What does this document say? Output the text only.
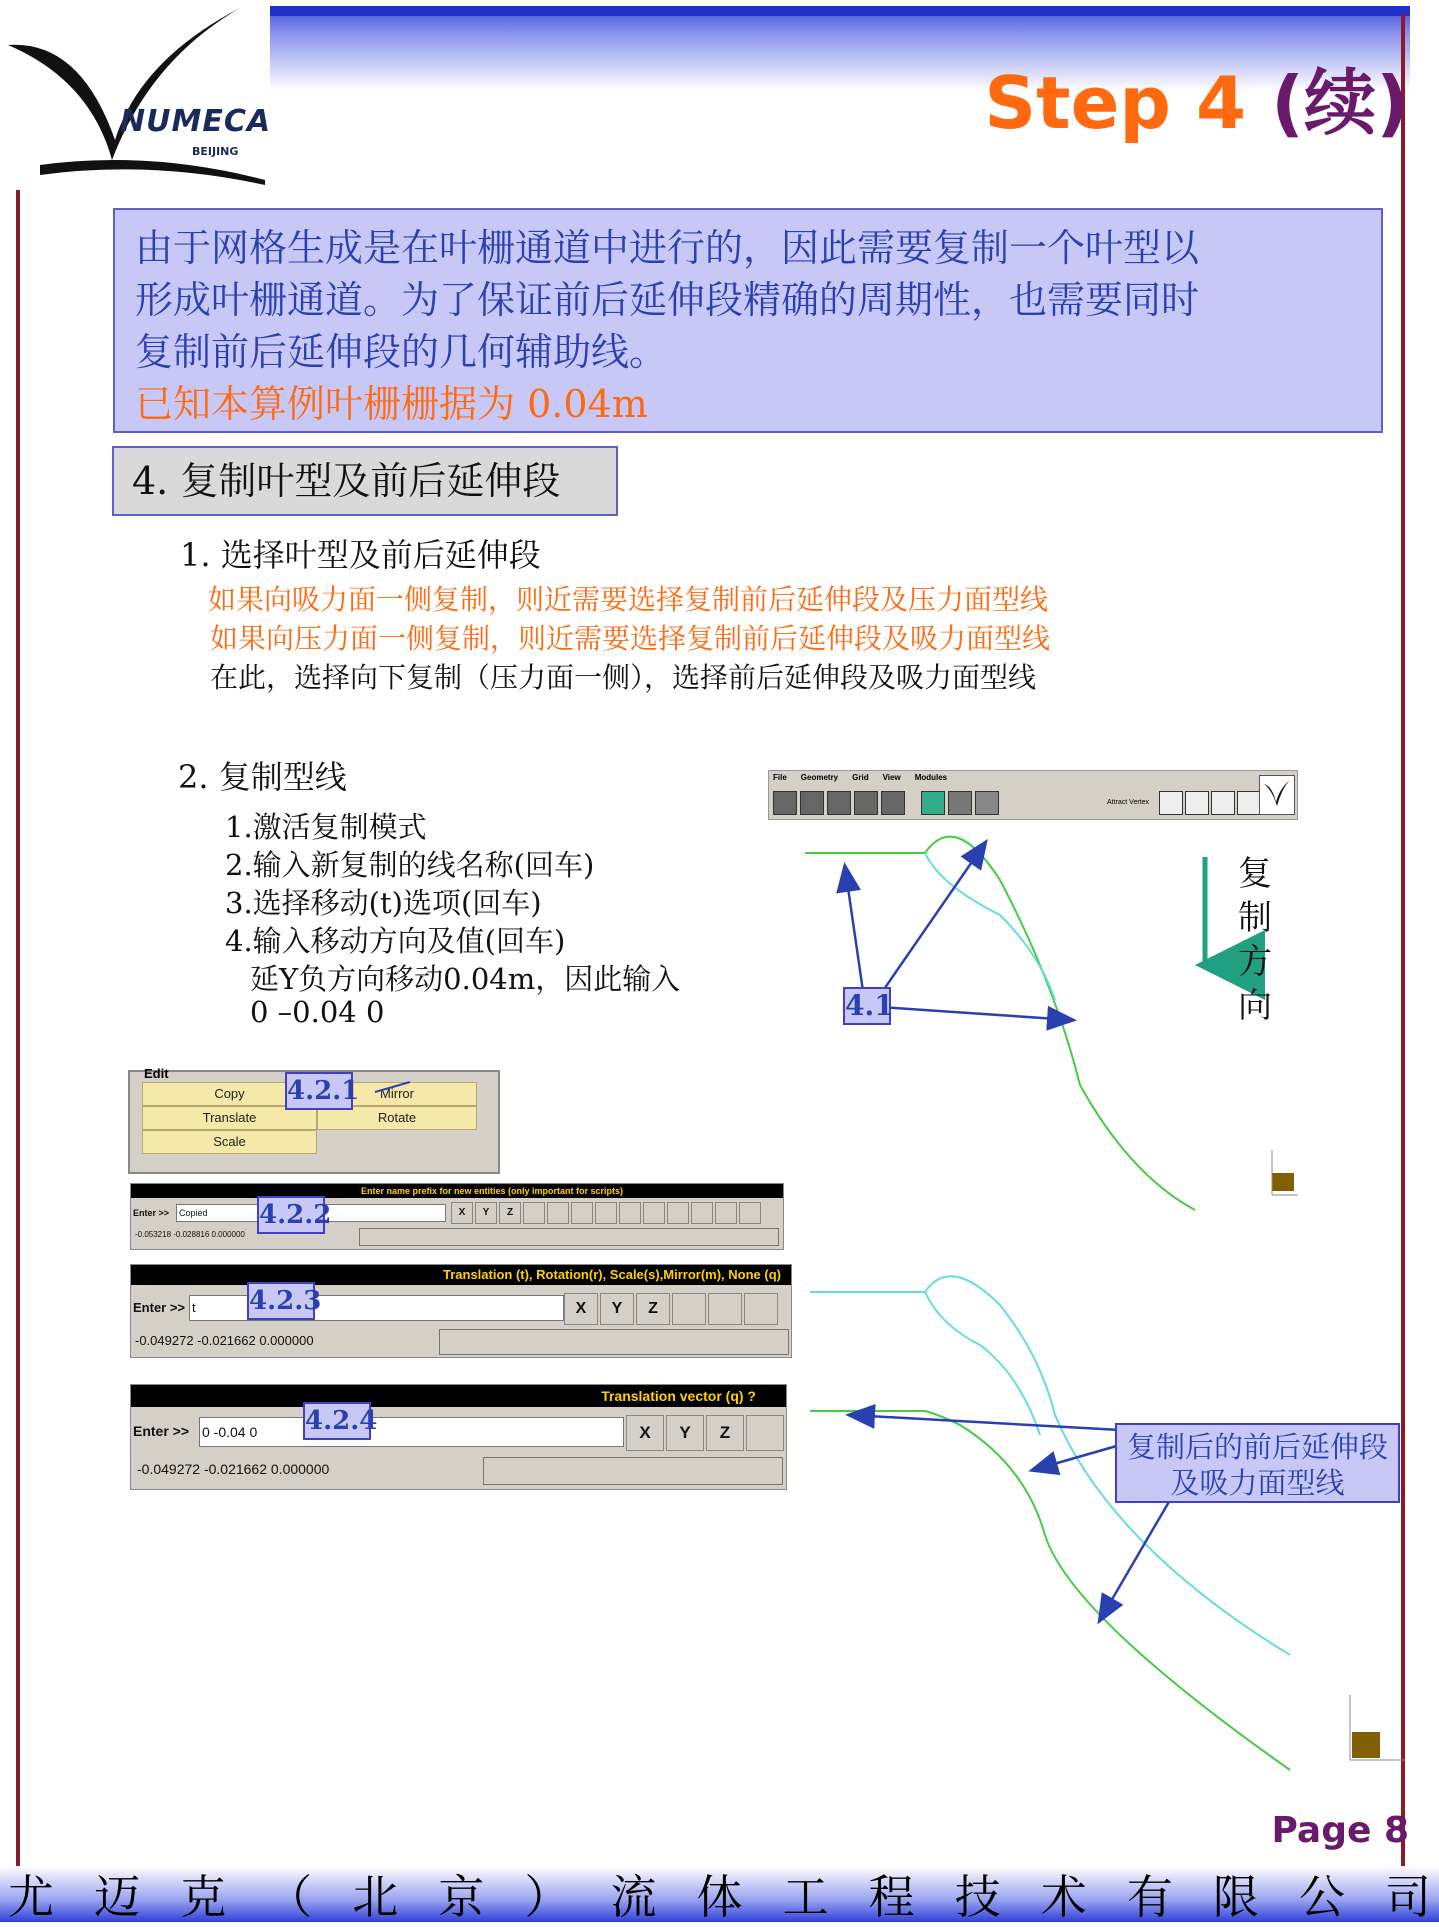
NUMECA
BEIJING
Step 4 (续)
由于网格生成是在叶栅通道中进行的，因此需要复制一个叶型以
形成叶栅通道。为了保证前后延伸段精确的周期性，也需要同时
复制前后延伸段的几何辅助线。
已知本算例叶栅栅据为 0.04m
4. 复制叶型及前后延伸段
1. 选择叶型及前后延伸段
如果向吸力面一侧复制，则近需要选择复制前后延伸段及压力面型线
如果向压力面一侧复制，则近需要选择复制前后延伸段及吸力面型线
在此，选择向下复制（压力面一侧），选择前后延伸段及吸力面型线
2. 复制型线
1.激活复制模式
2.输入新复制的线名称(回车)
3.选择移动(t)选项(回车)
4.输入移动方向及值(回车)
延Y负方向移动0.04m，因此输入
0 –0.04 0
File Geometry Grid View Modules
Attract Vertex
4.1
复
制
方
向
复制后的前后延伸段及吸力面型线
Edit
Copy	Mirror
Translate	Rotate
Scale
4.2.1
Enter name prefix for new entities (only important for scripts)
Enter >>	Copied	X	Y	Z
-0.053218 -0.028816 0.000000
4.2.2
Translation (t), Rotation(r), Scale(s),Mirror(m), None (q)
Enter >> t	X	Y	Z
-0.049272 -0.021662 0.000000
4.2.3
Translation vector (q) ?
Enter >> 0 -0.04 0	X	Y	Z
-0.049272 -0.021662 0.000000
4.2.4
Page 8
尤 迈 克 （ 北 京 ） 流 体 工 程 技 术 有 限 公 司
